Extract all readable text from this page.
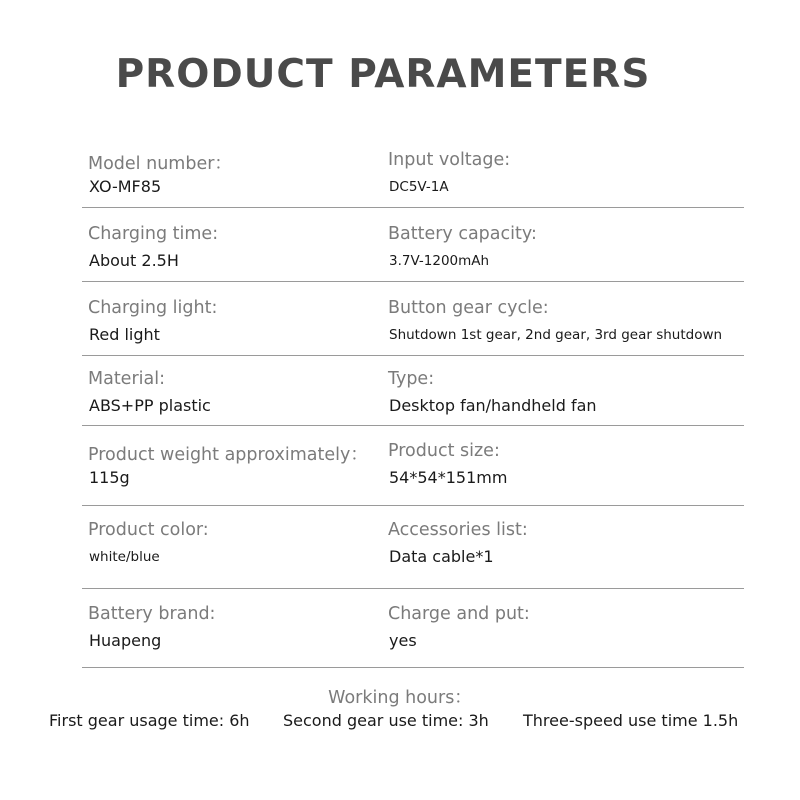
PRODUCT PARAMETERS
Model number：
XO-MF85
Input voltage:
DC5V-1A
Charging time:
About 2.5H
Battery capacity:
3.7V-1200mAh
Charging light:
Red light
Button gear cycle:
Shutdown 1st gear, 2nd gear, 3rd gear shutdown
Material:
ABS+PP plastic
Type:
Desktop fan/handheld fan
Product weight approximately：
115g
Product size:
54*54*151mm
Product color:
white/blue
Accessories list:
Data cable*1
Battery brand:
Huapeng
Charge and put:
yes
Working hours：
First gear usage time: 6h Second gear use time: 3h Three-speed use time 1.5h
